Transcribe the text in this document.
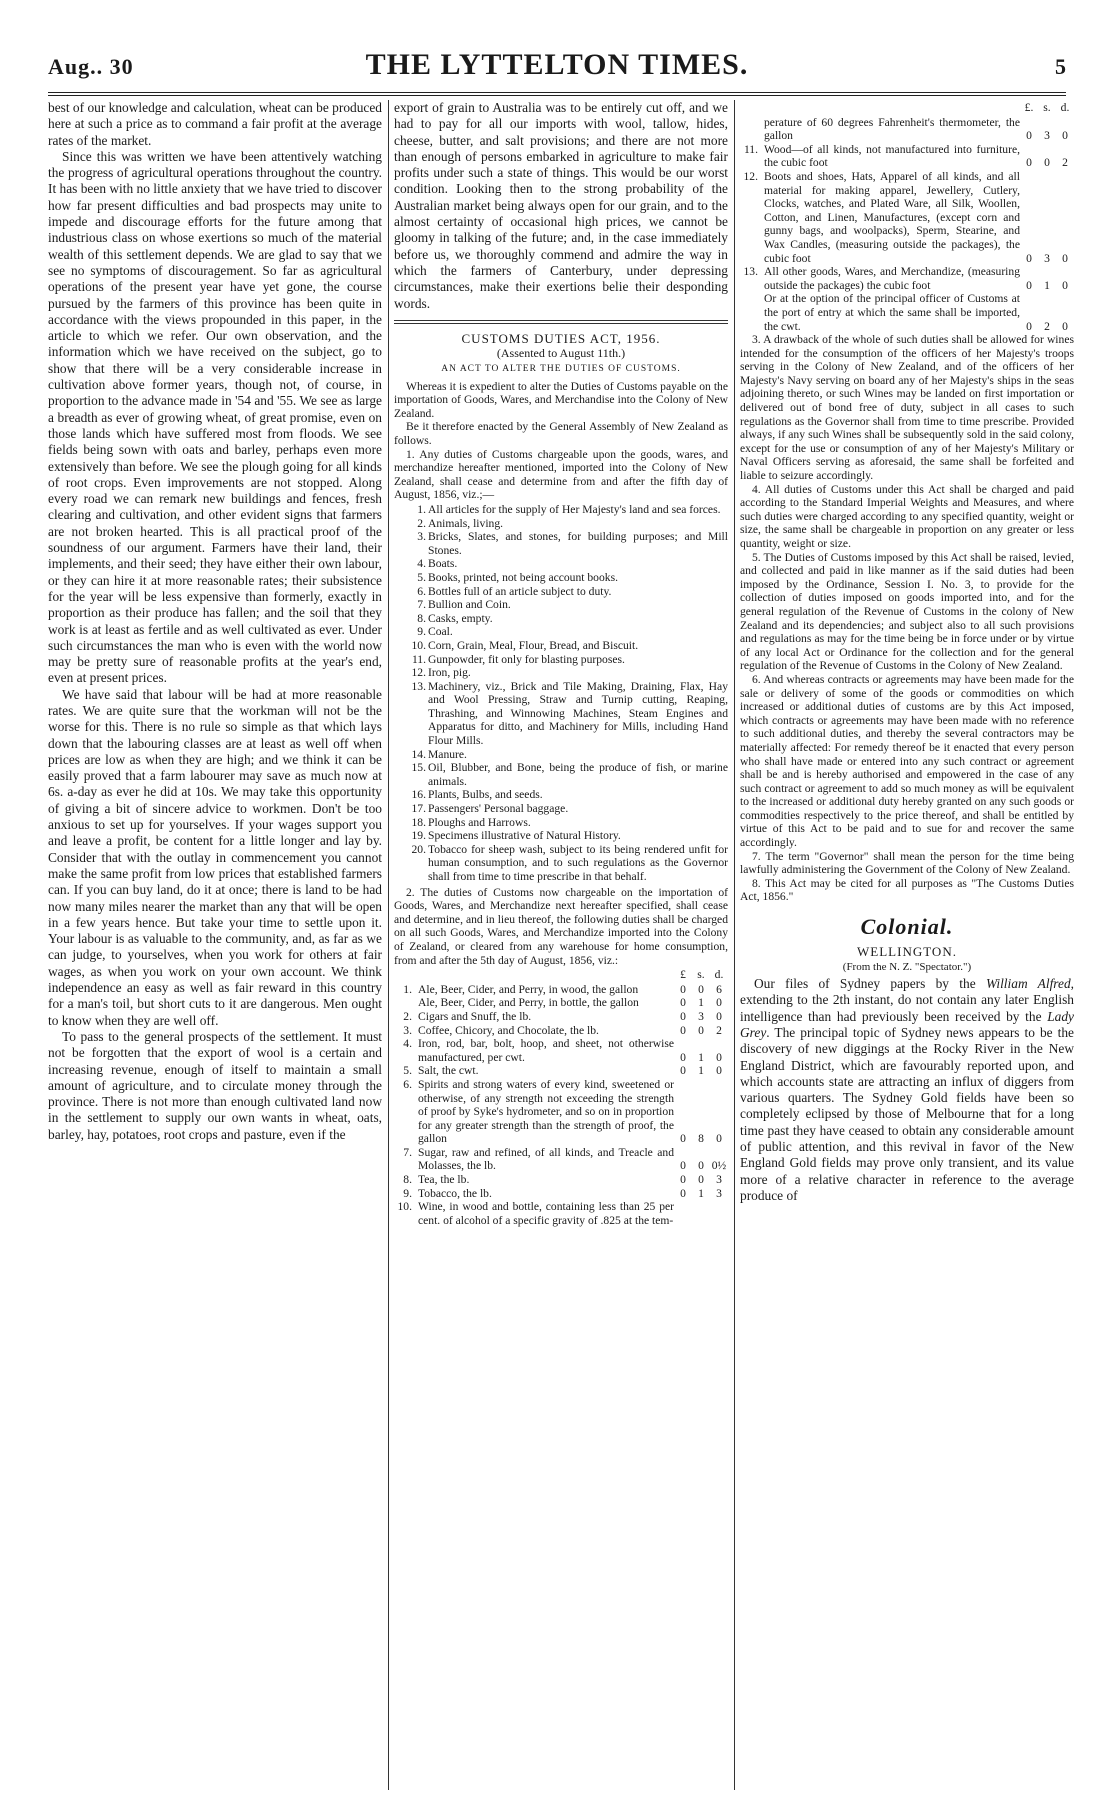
Aug.. 30	THE LYTTELTON TIMES.	5

best of our knowledge and calculation, wheat can be produced here at such a price as to command a fair profit at the average rates of the market.

Since this was written we have been attentively watching the progress of agricultural operations throughout the country. It has been with no little anxiety that we have tried to discover how far present difficulties and bad prospects may unite to impede and discourage efforts for the future among that industrious class on whose exertions so much of the material wealth of this settlement depends. We are glad to say that we see no symptoms of discouragement. So far as agricultural operations of the present year have yet gone, the course pursued by the farmers of this province has been quite in accordance with the views propounded in this paper, in the article to which we refer. Our own observation, and the information which we have received on the subject, go to show that there will be a very considerable increase in cultivation above former years, though not, of course, in proportion to the advance made in '54 and '55. We see as large a breadth as ever of growing wheat, of great promise, even on those lands which have suffered most from floods. We see fields being sown with oats and barley, perhaps even more extensively than before. We see the plough going for all kinds of root crops. Even improvements are not stopped. Along every road we can remark new buildings and fences, fresh clearing and cultivation, and other evident signs that farmers are not broken hearted. This is all practical proof of the soundness of our argument. Farmers have their land, their implements, and their seed; they have either their own labour, or they can hire it at more reasonable rates; their subsistence for the year will be less expensive than formerly, exactly in proportion as their produce has fallen; and the soil that they work is at least as fertile and as well cultivated as ever. Under such circumstances the man who is even with the world now may be pretty sure of reasonable profits at the year's end, even at present prices.

We have said that labour will be had at more reasonable rates. We are quite sure that the workman will not be the worse for this. There is no rule so simple as that which lays down that the labouring classes are at least as well off when prices are low as when they are high; and we think it can be easily proved that a farm labourer may save as much now at 6s. a-day as ever he did at 10s. We may take this opportunity of giving a bit of sincere advice to workmen. Don't be too anxious to set up for yourselves. If your wages support you and leave a profit, be content for a little longer and lay by. Consider that with the outlay in commencement you cannot make the same profit from low prices that established farmers can. If you can buy land, do it at once; there is land to be had now many miles nearer the market than any that will be open in a few years hence. But take your time to settle upon it. Your labour is as valuable to the community, and, as far as we can judge, to yourselves, when you work for others at fair wages, as when you work on your own account. We think independence an easy as well as fair reward in this country for a man's toil, but short cuts to it are dangerous. Men ought to know when they are well off.

To pass to the general prospects of the settlement. It must not be forgotten that the export of wool is a certain and increasing revenue, enough of itself to maintain a small amount of agriculture, and to circulate money through the province. There is not more than enough cultivated land now in the settlement to supply our own wants in wheat, oats, barley, hay, potatoes, root crops and pasture, even if the

export of grain to Australia was to be entirely cut off, and we had to pay for all our imports with wool, tallow, hides, cheese, butter, and salt provisions; and there are not more than enough of persons embarked in agriculture to make fair profits under such a state of things. This would be our worst condition. Looking then to the strong probability of the Australian market being always open for our grain, and to the almost certainty of occasional high prices, we cannot be gloomy in talking of the future; and, in the case immediately before us, we thoroughly commend and admire the way in which the farmers of Canterbury, under depressing circumstances, make their exertions belie their desponding words.

CUSTOMS DUTIES ACT, 1956.
(Assented to August 11th.)
AN ACT TO ALTER THE DUTIES OF CUSTOMS.

Whereas it is expedient to alter the Duties of Customs payable on the importation of Goods, Wares, and Merchandise into the Colony of New Zealand.

Be it therefore enacted by the General Assembly of New Zealand as follows.

1. Any duties of Customs chargeable upon the goods, wares, and merchandize hereafter mentioned, imported into the Colony of New Zealand, shall cease and determine from and after the fifth day of August, 1856, viz.;—

1. All articles for the supply of Her Majesty's land and sea forces.
2. Animals, living.
3. Bricks, Slates, and stones, for building purposes; and Mill Stones.
4. Boats.
5. Books, printed, not being account books.
6. Bottles full of an article subject to duty.
7. Bullion and Coin.
8. Casks, empty.
9. Coal.
10. Corn, Grain, Meal, Flour, Bread, and Biscuit.
11. Gunpowder, fit only for blasting purposes.
12. Iron, pig.
13. Machinery, viz., Brick and Tile Making, Draining, Flax, Hay and Wool Pressing, Straw and Turnip cutting, Reaping, Thrashing, and Winnowing Machines, Steam Engines and Apparatus for ditto, and Machinery for Mills, including Hand Flour Mills.
14. Manure.
15. Oil, Blubber, and Bone, being the produce of fish, or marine animals.
16. Plants, Bulbs, and seeds.
17. Passengers' Personal baggage.
18. Ploughs and Harrows.
19. Specimens illustrative of Natural History.
20. Tobacco for sheep wash, subject to its being rendered unfit for human consumption, and to such regulations as the Governor shall from time to time prescribe in that behalf.

2. The duties of Customs now chargeable on the importation of Goods, Wares, and Merchandize next hereafter specified, shall cease and determine, and in lieu thereof, the following duties shall be charged on all such Goods, Wares, and Merchandize imported into the Colony of Zealand, or cleared from any warehouse for home consumption, from and after the 5th day of August, 1856, viz.:

		£	s.	d.
1.	Ale, Beer, Cider, and Perry, in wood, the gallon	0	0	6
	Ale, Beer, Cider, and Perry, in bottle, the gallon	0	1	0
2.	Cigars and Snuff, the lb.	0	3	0
3.	Coffee, Chicory, and Chocolate, the lb.	0	0	2
4.	Iron, rod, bar, bolt, hoop, and sheet, not otherwise manufactured, per cwt.	0	1	0
5.	Salt, the cwt.	0	1	0
6.	Spirits and strong waters of every kind, sweetened or otherwise, of any strength not exceeding the strength of proof by Syke's hydrometer, and so on in proportion for any greater strength than the strength of proof, the gallon	0	8	0
7.	Sugar, raw and refined, of all kinds, and Treacle and Molasses, the lb.	0	0	0½
8.	Tea, the lb.	0	0	3
9.	Tobacco, the lb.	0	1	3
10.	Wine, in wood and bottle, containing less than 25 per cent. of alcohol of a specific gravity of .825 at the tem-			
		£.	s.	d.
	perature of 60 degrees Fahrenheit's thermometer, the gallon	0	3	0
11.	Wood—of all kinds, not manufactured into furniture, the cubic foot	0	0	2
12.	Boots and shoes, Hats, Apparel of all kinds, and all material for making apparel, Jewellery, Cutlery, Clocks, watches, and Plated Ware, all Silk, Woollen, Cotton, and Linen, Manufactures, (except corn and gunny bags, and woolpacks), Sperm, Stearine, and Wax Candles, (measuring outside the packages), the cubic foot	0	3	0
13.	All other goods, Wares, and Merchandize, (measuring outside the packages) the cubic foot	0	1	0
	Or at the option of the principal officer of Customs at the port of entry at which the same shall be imported, the cwt.	0	2	0

3. A drawback of the whole of such duties shall be allowed for wines intended for the consumption of the officers of her Majesty's troops serving in the Colony of New Zealand, and of the officers of her Majesty's Navy serving on board any of her Majesty's ships in the seas adjoining thereto, or such Wines may be landed on first importation or delivered out of bond free of duty, subject in all cases to such regulations as the Governor shall from time to time prescribe. Provided always, if any such Wines shall be subsequently sold in the said colony, except for the use or consumption of any of her Majesty's Military or Naval Officers serving as aforesaid, the same shall be forfeited and liable to seizure accordingly.

4. All duties of Customs under this Act shall be charged and paid according to the Standard Imperial Weights and Measures, and where such duties were charged according to any specified quantity, weight or size, the same shall be chargeable in proportion on any greater or less quantity, weight or size.

5. The Duties of Customs imposed by this Act shall be raised, levied, and collected and paid in like manner as if the said duties had been imposed by the Ordinance, Session I. No. 3, to provide for the collection of duties imposed on goods imported into, and for the general regulation of the Revenue of Customs in the colony of New Zealand and its dependencies; and subject also to all such provisions and regulations as may for the time being be in force under or by virtue of any local Act or Ordinance for the collection and for the general regulation of the Revenue of Customs in the Colony of New Zealand.

6. And whereas contracts or agreements may have been made for the sale or delivery of some of the goods or commodities on which increased or additional duties of customs are by this Act imposed, which contracts or agreements may have been made with no reference to such additional duties, and thereby the several contractors may be materially affected: For remedy thereof be it enacted that every person who shall have made or entered into any such contract or agreement shall be and is hereby authorised and empowered in the case of any such contract or agreement to add so much money as will be equivalent to the increased or additional duty hereby granted on any such goods or commodities respectively to the price thereof, and shall be entitled by virtue of this Act to be paid and to sue for and recover the same accordingly.

7. The term "Governor" shall mean the person for the time being lawfully administering the Government of the Colony of New Zealand.

8. This Act may be cited for all purposes as "The Customs Duties Act, 1856."

Colonial.
WELLINGTON.
(From the N. Z. "Spectator.")

Our files of Sydney papers by the William Alfred, extending to the 2th instant, do not contain any later English intelligence than had previously been received by the Lady Grey. The principal topic of Sydney news appears to be the discovery of new diggings at the Rocky River in the New England District, which are favourably reported upon, and which accounts state are attracting an influx of diggers from various quarters. The Sydney Gold fields have been so completely eclipsed by those of Melbourne that for a long time past they have ceased to obtain any considerable amount of public attention, and this revival in favor of the New England Gold fields may prove only transient, and its value more of a relative character in reference to the average produce of
